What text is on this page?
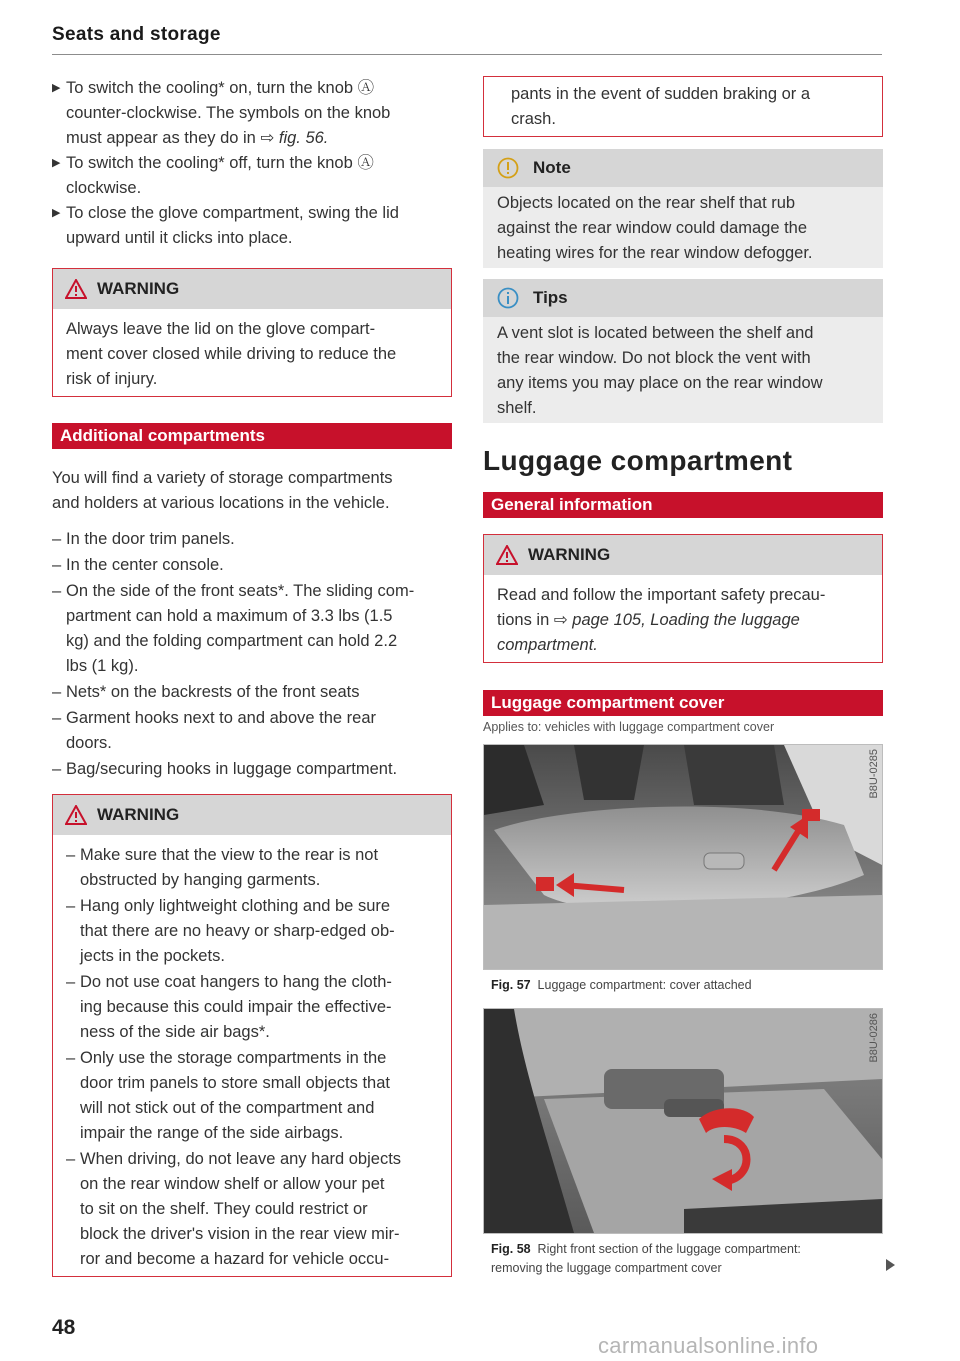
Seats and storage
▶ To switch the cooling* on, turn the knob Ⓐ
counter-clockwise. The symbols on the knob
must appear as they do in ⇨ fig. 56.
▶ To switch the cooling* off, turn the knob Ⓐ
clockwise.
▶ To close the glove compartment, swing the lid
upward until it clicks into place.
WARNING
Always leave the lid on the glove compart-
ment cover closed while driving to reduce the
risk of injury.
Additional compartments
You will find a variety of storage compartments
and holders at various locations in the vehicle.
– In the door trim panels.
– In the center console.
– On the side of the front seats*. The sliding com-
partment can hold a maximum of 3.3 lbs (1.5
kg) and the folding compartment can hold 2.2
lbs (1 kg).
– Nets* on the backrests of the front seats
– Garment hooks next to and above the rear
doors.
– Bag/securing hooks in luggage compartment.
WARNING
– Make sure that the view to the rear is not
obstructed by hanging garments.
– Hang only lightweight clothing and be sure
that there are no heavy or sharp-edged ob-
jects in the pockets.
– Do not use coat hangers to hang the cloth-
ing because this could impair the effective-
ness of the side air bags*.
– Only use the storage compartments in the
door trim panels to store small objects that
will not stick out of the compartment and
impair the range of the side airbags.
– When driving, do not leave any hard objects
on the rear window shelf or allow your pet
to sit on the shelf. They could restrict or
block the driver's vision in the rear view mir-
ror and become a hazard for vehicle occu-
pants in the event of sudden braking or a
crash.
Note
Objects located on the rear shelf that rub
against the rear window could damage the
heating wires for the rear window defogger.
Tips
A vent slot is located between the shelf and
the rear window. Do not block the vent with
any items you may place on the rear window
shelf.
Luggage compartment
General information
WARNING
Read and follow the important safety precau-
tions in ⇨ page 105, Loading the luggage
compartment.
Luggage compartment cover
Applies to: vehicles with luggage compartment cover
B8U-0285
Fig. 57 Luggage compartment: cover attached
B8U-0286
Fig. 58 Right front section of the luggage compartment:
removing the luggage compartment cover
48
carmanualsonline.info
